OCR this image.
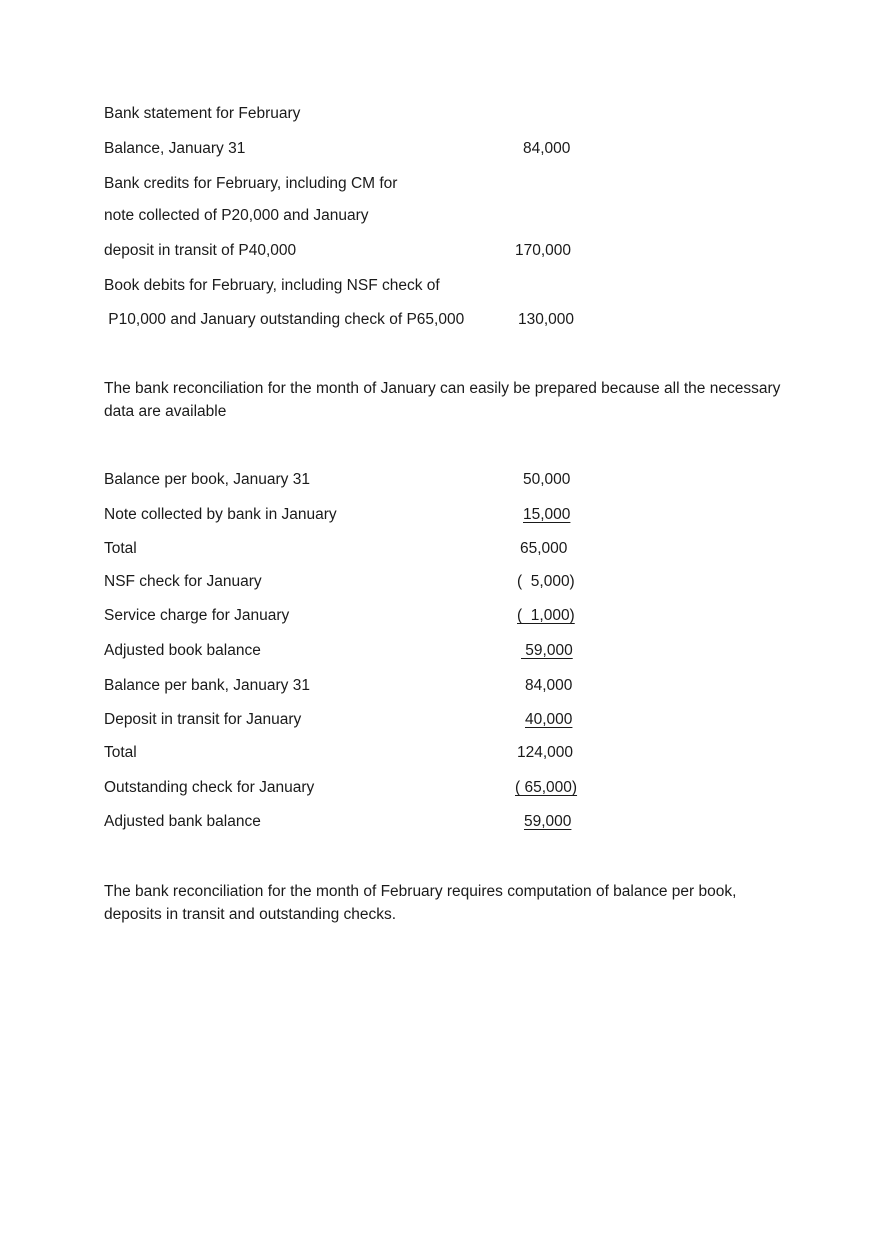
Bank statement for February
Balance, January 31	84,000
Bank credits for February, including CM for
note collected of P20,000 and January
deposit in transit of P40,000	170,000
Book debits for February, including NSF check of
P10,000 and January outstanding check of P65,000	130,000
The bank reconciliation for the month of January can easily be prepared because all the necessary data are available
Balance per book, January 31	50,000
Note collected by bank in January	15,000
Total	65,000
NSF check for January	(  5,000)
Service charge for January	(  1,000)
Adjusted book balance	59,000
Balance per bank, January 31	84,000
Deposit in transit for January	40,000
Total	124,000
Outstanding check for January	( 65,000)
Adjusted bank balance	59,000
The bank reconciliation for the month of February requires computation of balance per book, deposits in transit and outstanding checks.
